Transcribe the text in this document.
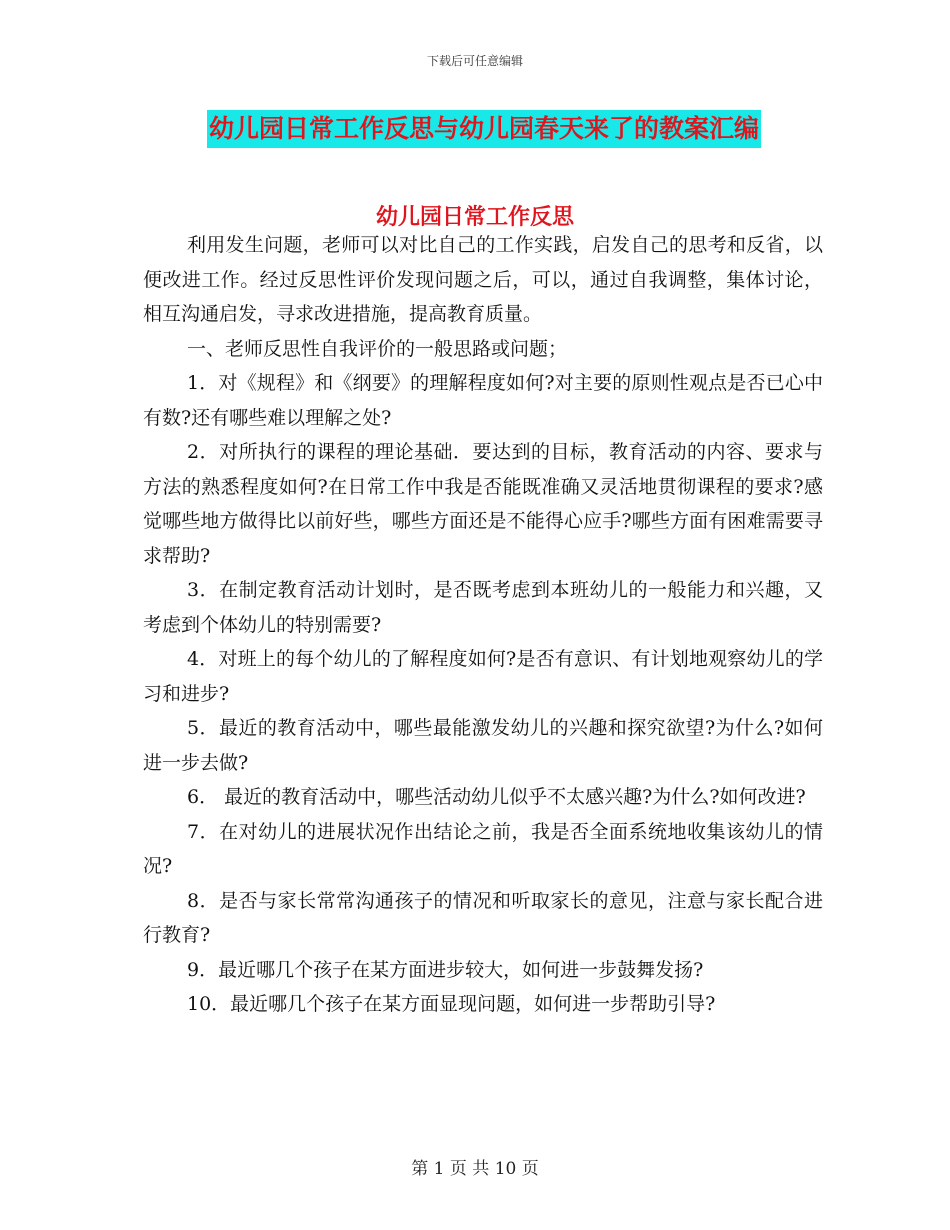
下载后可任意编辑
幼儿园日常工作反思与幼儿园春天来了的教案汇编
幼儿园日常工作反思

利用发生问题，老师可以对比自己的工作实践，启发自己的思考和反省，以便改进工作。经过反思性评价发现问题之后，可以，通过自我调整，集体讨论，相互沟通启发，寻求改进措施，提高教育质量。

一、老师反思性自我评价的一般思路或问题；

1．对《规程》和《纲要》的理解程度如何?对主要的原则性观点是否已心中有数?还有哪些难以理解之处?

2．对所执行的课程的理论基础．要达到的目标，教育活动的内容、要求与方法的熟悉程度如何?在日常工作中我是否能既准确又灵活地贯彻课程的要求?感觉哪些地方做得比以前好些，哪些方面还是不能得心应手?哪些方面有困难需要寻求帮助?

3．在制定教育活动计划时，是否既考虑到本班幼儿的一般能力和兴趣，又考虑到个体幼儿的特别需要?

4．对班上的每个幼儿的了解程度如何?是否有意识、有计划地观察幼儿的学习和进步?

5．最近的教育活动中，哪些最能激发幼儿的兴趣和探究欲望?为什么?如何进一步去做?

6． 最近的教育活动中，哪些活动幼儿似乎不太感兴趣?为什么?如何改进?

7．在对幼儿的进展状况作出结论之前，我是否全面系统地收集该幼儿的情况?

8．是否与家长常常沟通孩子的情况和听取家长的意见，注意与家长配合进行教育?

9．最近哪几个孩子在某方面进步较大，如何进一步鼓舞发扬?

10．最近哪几个孩子在某方面显现问题，如何进一步帮助引导?

第 1 页 共 10 页
